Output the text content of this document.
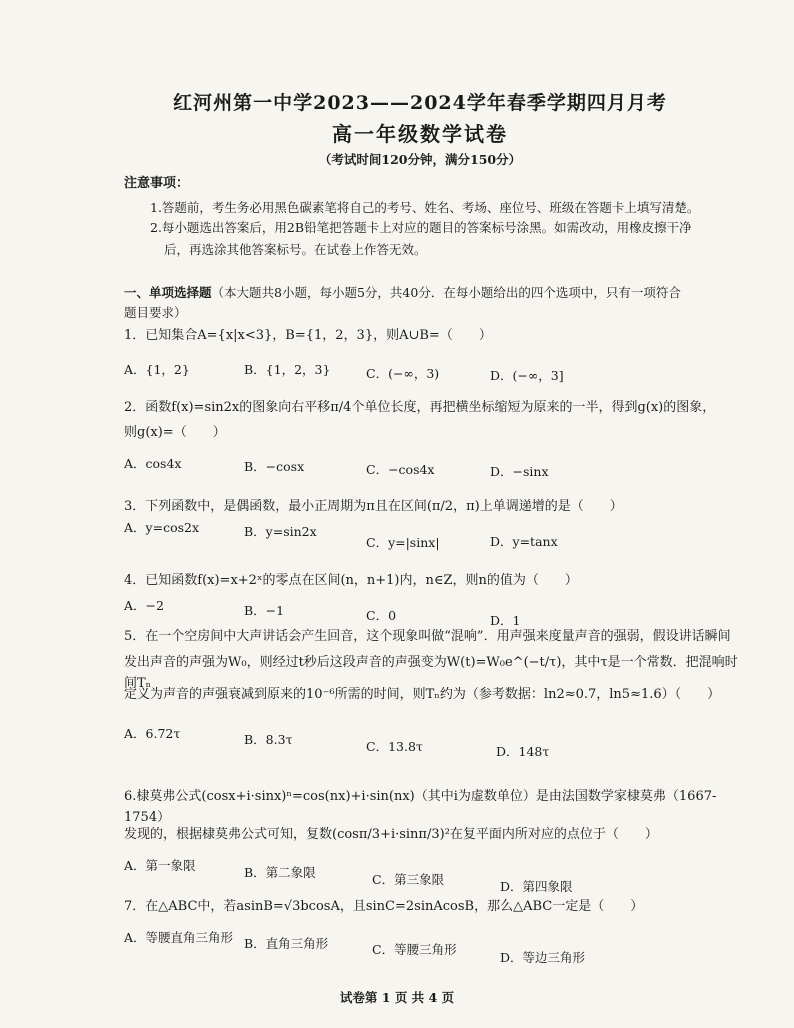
红河州第一中学2023——2024学年春季学期四月月考
高一年级数学试卷
（考试时间120分钟，满分150分）
注意事项：
1.答题前，考生务必用黑色碳素笔将自己的考号、姓名、考场、座位号、班级在答题卡上填写清楚。
2.每小题选出答案后，用2B铅笔把答题卡上对应的题目的答案标号涂黑。如需改动，用橡皮擦干净
后，再选涂其他答案标号。在试卷上作答无效。
一、单项选择题（本大题共8小题，每小题5分，共40分．在每小题给出的四个选项中，只有一项符合
题目要求）
1．已知集合A={x|x<3}，B={1，2，3}，则A∪B=（　　）
A．{1，2}	B．{1，2，3}	C．(−∞，3)	D．(−∞，3]
2．函数f(x)=sin2x的图象向右平移π/4个单位长度，再把横坐标缩短为原来的一半，得到g(x)的图象，
则g(x)=（　　）
A．cos4x	B．−cosx	C．−cos4x	D．−sinx
3．下列函数中，是偶函数，最小正周期为π且在区间(π/2，π)上单调递增的是（　　）
A．y=cos2x	B．y=sin2x
C．y=|sinx|	D．y=tanx
4．已知函数f(x)=x+2ˣ的零点在区间(n，n+1)内，n∈Z，则n的值为（　　）
A．−2	B．−1	C．0	D．1
5．在一个空房间中大声讲话会产生回音，这个现象叫做“混响”．用声强来度量声音的强弱，假设讲话瞬间
发出声音的声强为W₀，则经过t秒后这段声音的声强变为W(t)=W₀e^(−t/τ)，其中τ是一个常数．把混响时间Tₙ
定义为声音的声强衰减到原来的10⁻⁶所需的时间，则Tₙ约为（参考数据：ln2≈0.7，ln5≈1.6）（　　）
A．6.72τ	B．8.3τ	C．13.8τ	D．148τ
6.棣莫弗公式(cosx+i·sinx)ⁿ=cos(nx)+i·sin(nx)（其中i为虚数单位）是由法国数学家棣莫弗（1667-1754）
发现的，根据棣莫弗公式可知，复数(cosπ/3+i·sinπ/3)²在复平面内所对应的点位于（　　）
A．第一象限	B．第二象限	C．第三象限	D．第四象限
7．在△ABC中，若asinB=√3bcosA，且sinC=2sinAcosB，那么△ABC一定是（　　）
A．等腰直角三角形 B．直角三角形	C．等腰三角形
D．等边三角形
试卷第 1 页 共 4 页
